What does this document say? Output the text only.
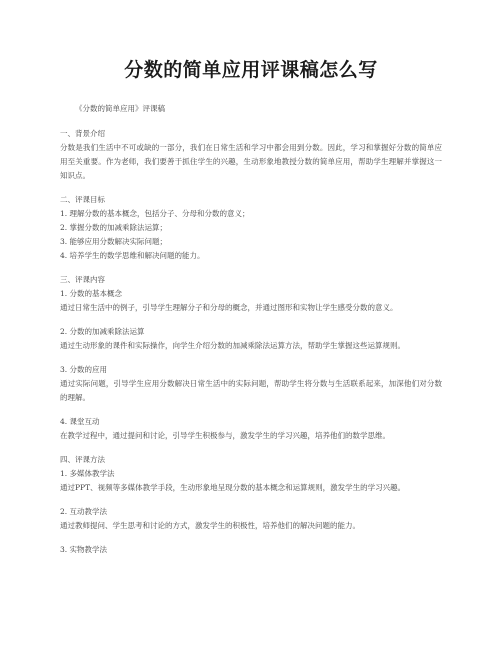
分数的简单应用评课稿怎么写

《分数的简单应用》评课稿

一、背景介绍

分数是我们生活中不可或缺的一部分，我们在日常生活和学习中都会用到分数。因此，学习和掌握好分数的简单应用至关重要。作为老师，我们要善于抓住学生的兴趣，生动形象地教授分数的简单应用，帮助学生理解并掌握这一知识点。

二、评课目标

1. 理解分数的基本概念，包括分子、分母和分数的意义；

2. 掌握分数的加减乘除法运算；

3. 能够应用分数解决实际问题；

4. 培养学生的数学思维和解决问题的能力。

三、评课内容

1. 分数的基本概念

通过日常生活中的例子，引导学生理解分子和分母的概念，并通过图形和实物让学生感受分数的意义。

2. 分数的加减乘除法运算

通过生动形象的课件和实际操作，向学生介绍分数的加减乘除法运算方法，帮助学生掌握这些运算规则。

3. 分数的应用

通过实际问题，引导学生应用分数解决日常生活中的实际问题，帮助学生将分数与生活联系起来，加深他们对分数的理解。

4. 课堂互动

在教学过程中，通过提问和讨论，引导学生积极参与，激发学生的学习兴趣，培养他们的数学思维。

四、评课方法

1. 多媒体教学法

通过PPT、视频等多媒体教学手段，生动形象地呈现分数的基本概念和运算规则，激发学生的学习兴趣。

2. 互动教学法

通过教师提问、学生思考和讨论的方式，激发学生的积极性，培养他们的解决问题的能力。

3. 实物教学法
